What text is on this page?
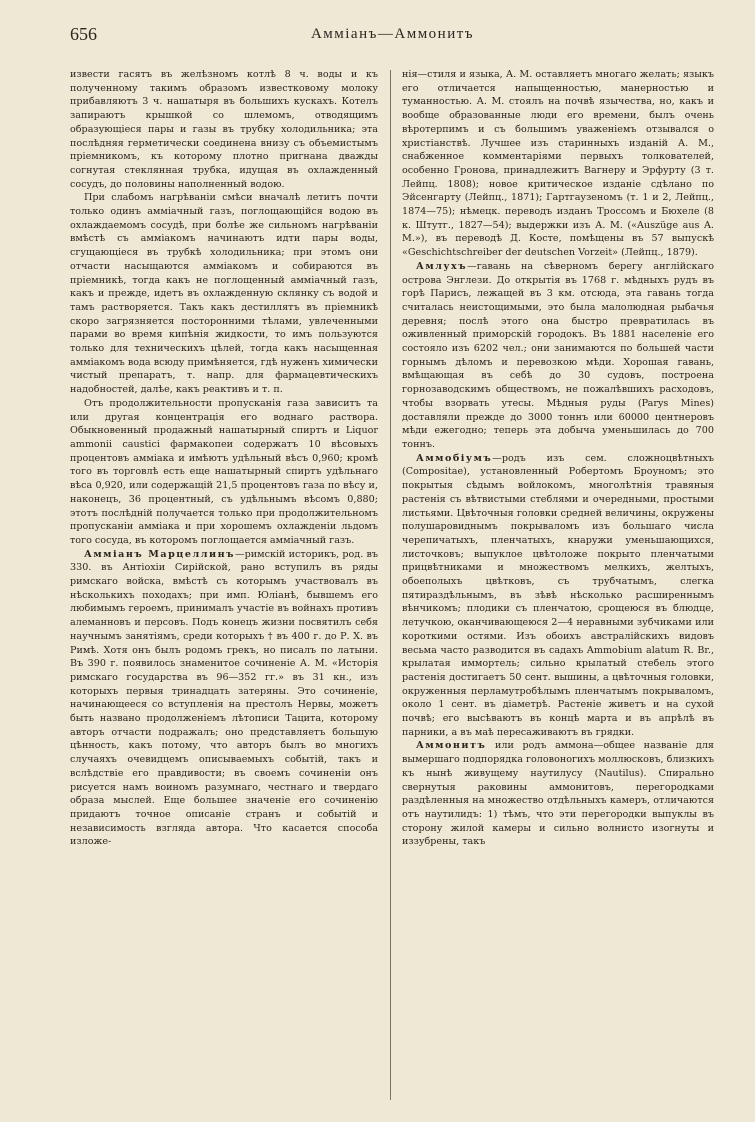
656	Амміанъ—Аммонитъ

извести гасятъ въ желѣзномъ котлѣ 8 ч. воды и къ полученному такимъ образомъ известковому молоку прибавляютъ 3 ч. нашатыря въ большихъ кускахъ. Котелъ запираютъ крышкой со шлемомъ, отводящимъ образующіеся пары и газы въ трубку холодильника; эта послѣдняя герметически соединена внизу съ объемистымъ пріемникомъ, къ которому плотно пригнана дважды согнутая стеклянная трубка, идущая въ охлажденный сосудъ, до половины наполненный водою.

При слабомъ нагрѣваніи смѣси вначалѣ летитъ почти только одинъ аммiачный газъ, поглощающійся водою въ охлаждаемомъ сосудѣ, при болѣе же сильномъ нагрѣваніи вмѣстѣ съ амміакомъ начинаютъ идти пары воды, сгущающіеся въ трубкѣ холодильника; при этомъ они отчасти насыщаются амміакомъ и собираются въ пріемникѣ, тогда какъ не поглощенный аммiачный газъ, какъ и прежде, идетъ въ охлажденную склянку съ водой и тамъ растворяется. Такъ какъ дестиллятъ въ пріемникѣ скоро загрязняется посторонними тѣлами, увлеченными парами во время кипѣнія жидкости, то имъ пользуются только для техническихъ цѣлей, тогда какъ насыщенная амміакомъ вода всюду примѣняется, гдѣ нуженъ химически чистый препаратъ, т. напр. для фармацевтическихъ надобностей, далѣе, какъ реактивъ и т. п.

Отъ продолжительности пропусканія газа зависитъ та или другая концентрація его воднаго раствора. Обыкновенный продажный нашатырный спиртъ и Liquor ammonii caustici фармакопеи содержатъ 10 вѣсовыхъ процентовъ амміака и имѣютъ удѣльный вѣсъ 0,960; кромѣ того въ торговлѣ есть еще нашатырный спиртъ удѣльнаго вѣса 0,920, или содержащій 21,5 процентовъ газа по вѣсу и, наконецъ, 36 процентный, съ удѣльнымъ вѣсомъ 0,880; этотъ послѣдній получается только при продолжительномъ пропусканіи амміака и при хорошемъ охлажденіи льдомъ того сосуда, въ которомъ поглощается аммiачный газъ.

Амміанъ Марцеллинъ—римскій историкъ, род. въ 330. въ Антіохіи Сирійской, рано вступилъ въ ряды римскаго войска, вмѣстѣ съ которымъ участвовалъ въ нѣсколькихъ походахъ; при имп. Юліанѣ, бывшемъ его любимымъ героемъ, принималъ участіе въ войнахъ противъ алеманновъ и персовъ. Подъ конецъ жизни посвятилъ себя научнымъ занятіямъ, среди которыхъ † въ 400 г. до Р. Х. въ Римѣ. Хотя онъ былъ родомъ грекъ, но писалъ по латыни. Въ 390 г. появилось знаменитое сочиненіе А. М. «Исторія римскаго государства въ 96—352 гг.» въ 31 кн., изъ которыхъ первыя тринадцать затеряны. Это сочиненіе, начинающееся со вступленія на престолъ Нервы, можетъ быть названо продолженіемъ лѣтописи Тацита, которому авторъ отчасти подражалъ; оно представляетъ большую цѣнность, какъ потому, что авторъ былъ во многихъ случаяхъ очевидцемъ описываемыхъ событій, такъ и вслѣдствіе его правдивости; въ своемъ сочиненіи онъ рисуется намъ воиномъ разумнаго, честнаго и твердаго образа мыслей. Еще большее значеніе его сочиненію придаютъ точное описаніе странъ и событій и независимость взгляда автора. Что касается способа изложе-

нія—стиля и языка, А. М. оставляетъ многаго желать; языкъ его отличается напыщенностью, манерностью и туманностью. А. М. стоялъ на почвѣ язычества, но, какъ и вообще образованные люди его времени, былъ очень вѣротерпимъ и съ большимъ уваженіемъ отзывался о христіанствѣ. Лучшее изъ старинныхъ изданій А. М., снабженное комментаріями первыхъ толкователей, особенно Гронова, принадлежитъ Вагнеру и Эрфурту (3 т. Лейпц. 1808); новое критическое изданіе сдѣлано по Эйсенгарту (Лейпц., 1871); Гартгаузеномъ (т. 1 и 2, Лейпц., 1874—75); нѣмецк. переводъ изданъ Троссомъ и Бюхеле (8 к. Штутг., 1827—54); выдержки изъ А. М. («Auszüge aus A. M.»), въ переводѣ Д. Косте, помѣщены въ 57 выпускѣ «Geschichtschreiber der deutschen Vorzeit» (Лейпц., 1879).

Амлухъ—гавань на сѣверномъ берегу англійскаго острова Энглези. До открытія въ 1768 г. мѣдныхъ рудъ въ горѣ Парисъ, лежащей въ 3 км. отсюда, эта гавань тогда считалась неистощимыми, это была малолюдная рыбачья деревня; послѣ этого она быстро превратилась въ оживленный приморскій городокъ. Въ 1881 населеніе его состояло изъ 6202 чел.; они занимаются по большей части горнымъ дѣломъ и перевозкою мѣди. Хорошая гавань, вмѣщающая въ себѣ до 30 судовъ, построена горнозаводскимъ обществомъ, не пожалѣвшихъ расходовъ, чтобы взорвать утесы. Мѣдныя руды (Parys Mines) доставляли прежде до 3000 тоннъ или 60000 центнеровъ мѣди ежегодно; теперь эта добыча уменьшилась до 700 тоннъ.

Аммобіумъ—родъ изъ сем. сложноцвѣтныхъ (Compositae), установленный Робертомъ Броуномъ; это покрытыя сѣдымъ войлокомъ, многолѣтнія травяныя растенія съ вѣтвистыми стеблями и очередными, простыми листьями. Цвѣточныя головки средней величины, окружены полушаровиднымъ покрываломъ изъ большаго числа черепичатыхъ, пленчатыхъ, кнаружи уменьшающихся, листочковъ; выпуклое цвѣтоложе покрыто пленчатыми прицвѣтниками и множествомъ мелкихъ, желтыхъ, обоеполыхъ цвѣтковъ, съ трубчатымъ, слегка пятираздѣльнымъ, въ зѣвѣ нѣсколько расширеннымъ вѣнчикомъ; плодики съ пленчатою, срощеюся въ блюдце, летучкою, оканчивающеюся 2—4 неравными зубчиками или короткими остями. Изъ обоихъ австралійскихъ видовъ весьма часто разводится въ садахъ Ammobium alatum R. Br., крылатая иммортель; сильно крылатый стебель этого растенія достигаетъ 50 сент. вышины, а цвѣточныя головки, окруженныя перламутробѣлымъ пленчатымъ покрываломъ, около 1 сент. въ діаметрѣ. Растеніе живетъ и на сухой почвѣ; его высѣваютъ въ концѣ марта и въ апрѣлѣ въ парники, а въ маѣ пересаживаютъ въ грядки.

Аммонитъ или родъ аммона—общее названіе для вымершаго подпорядка головоногихъ моллюсковъ, близкихъ къ нынѣ живущему наутилусу (Nautilus). Спирально свернутыя раковины аммонитовъ, перегородками раздѣленныя на множество отдѣльныхъ камеръ, отличаются отъ наутилидъ: 1) тѣмъ, что эти перегородки выпуклы въ сторону жилой камеры и сильно волнисто изогнуты и иззубрены, такъ
